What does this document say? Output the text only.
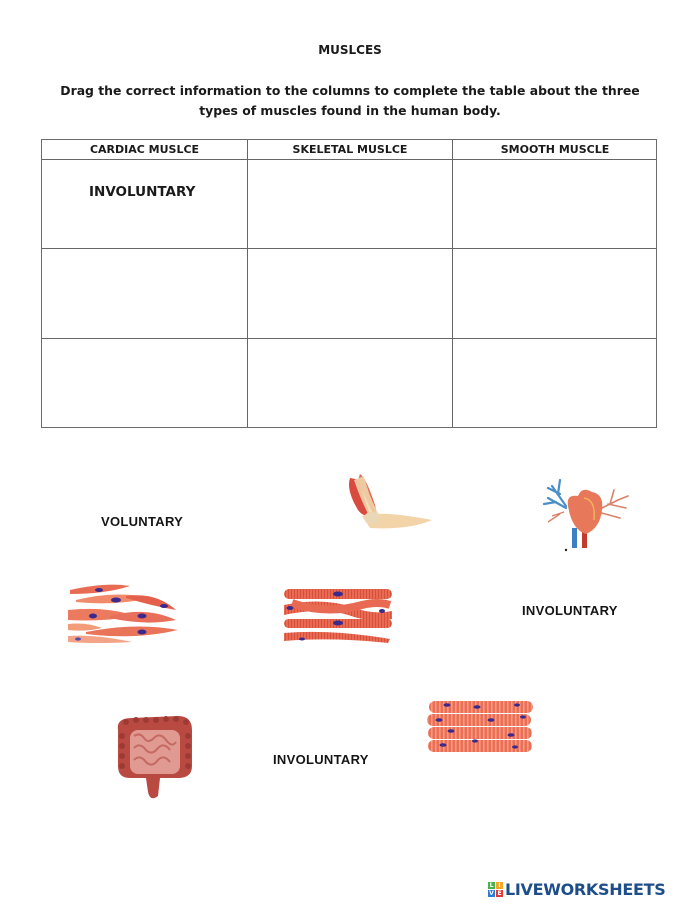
MUSLCES
Drag the correct information to the columns to complete the table about the three types of muscles found in the human body.
CARDIAC MUSLCE	SKELETAL MUSLCE	SMOOTH MUSCLE
INVOLUNTARY
VOLUNTARY
INVOLUNTARY
INVOLUNTARY
L I
V E LIVEWORKSHEETS
